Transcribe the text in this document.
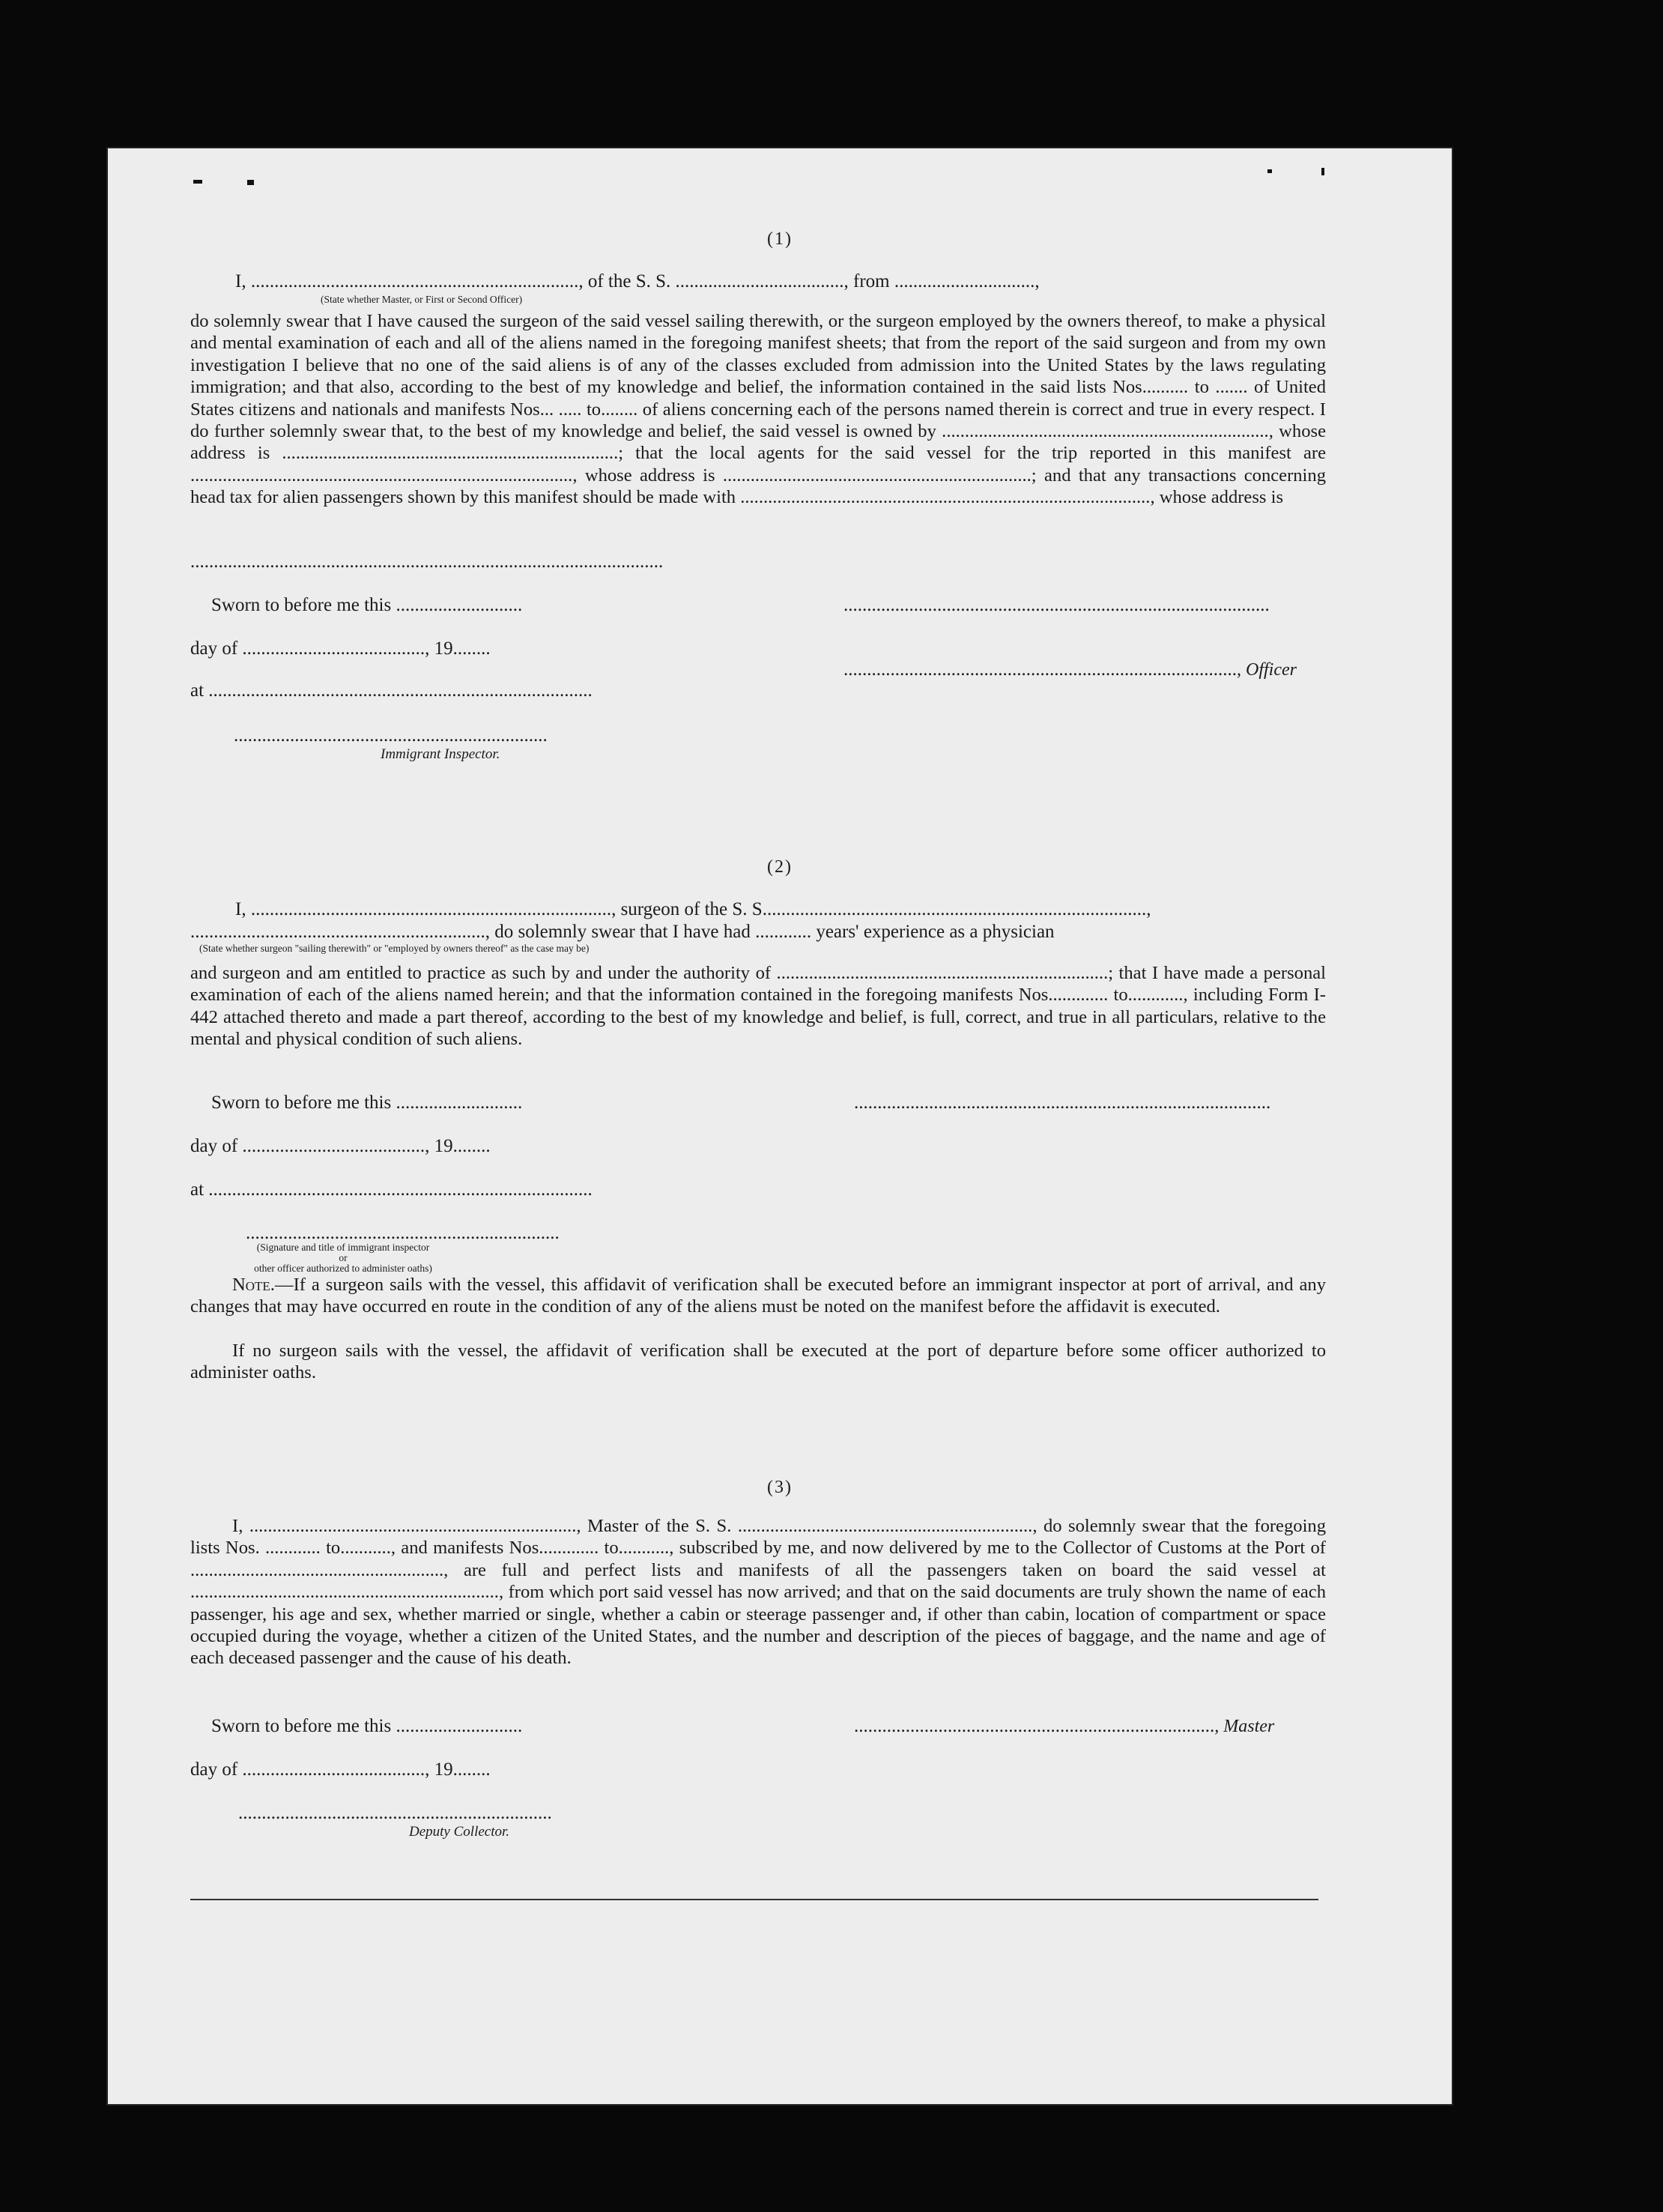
(1)
I, ......................................................................, of the S. S. ...................................., from ..............................,
(State whether Master, or First or Second Officer)

do solemnly swear that I have caused the surgeon of the said vessel sailing therewith, or the surgeon employed by the owners thereof, to make a physical and mental examination of each and all of the aliens named in the foregoing manifest sheets; that from the report of the said surgeon and from my own investigation I believe that no one of the said aliens is of any of the classes excluded from admission into the United States by the laws regulating immigration; and that also, according to the best of my knowledge and belief, the information contained in the said lists Nos.......... to ....... of United States citizens and nationals and manifests Nos... ..... to........ of aliens concerning each of the persons named therein is correct and true in every respect. I do further solemnly swear that, to the best of my knowledge and belief, the said vessel is owned by ......................................................................., whose address is .........................................................................; that the local agents for the said vessel for the trip reported in this manifest are ..................................................................................., whose address is ...................................................................; and that any transactions concerning head tax for alien passengers shown by this manifest should be made with ........................................................................................., whose address is

.....................................................................................................
Sworn to before me this ...........................	...........................................................................................
day of ......................................., 19........
...................................................................................., Officer
at ..................................................................................
...................................................................
Immigrant Inspector.
(2)
I, ............................................................................., surgeon of the S. S..................................................................................,
..............................................................., do solemnly swear that I have had ............ years' experience as a physician
(State whether surgeon "sailing therewith" or "employed by owners thereof" as the case may be)

and surgeon and am entitled to practice as such by and under the authority of ........................................................................; that I have made a personal examination of each of the aliens named herein; and that the information contained in the foregoing manifests Nos............. to............, including Form I-442 attached thereto and made a part thereof, according to the best of my knowledge and belief, is full, correct, and true in all particulars, relative to the mental and physical condition of such aliens.

Sworn to before me this ...........................	.........................................................................................
day of ......................................., 19........
at ..................................................................................
...................................................................
(Signature and title of immigrant inspector or
other officer authorized to administer oaths)

Note.—If a surgeon sails with the vessel, this affidavit of verification shall be executed before an immigrant inspector at port of arrival, and any changes that may have occurred en route in the condition of any of the aliens must be noted on the manifest before the affidavit is executed.

If no surgeon sails with the vessel, the affidavit of verification shall be executed at the port of departure before some officer authorized to administer oaths.

(3)

I, ......................................................................., Master of the S. S. ................................................................, do solemnly swear that the foregoing lists Nos. ............ to..........., and manifests Nos............. to..........., subscribed by me, and now delivered by me to the Collector of Customs at the Port of ......................................................., are full and perfect lists and manifests of all the passengers taken on board the said vessel at ..................................................................., from which port said vessel has now arrived; and that on the said documents are truly shown the name of each passenger, his age and sex, whether married or single, whether a cabin or steerage passenger and, if other than cabin, location of compartment or space occupied during the voyage, whether a citizen of the United States, and the number and description of the pieces of baggage, and the name and age of each deceased passenger and the cause of his death.

Sworn to before me this ...........................	............................................................................., Master
day of ......................................., 19........
...................................................................
Deputy Collector.
